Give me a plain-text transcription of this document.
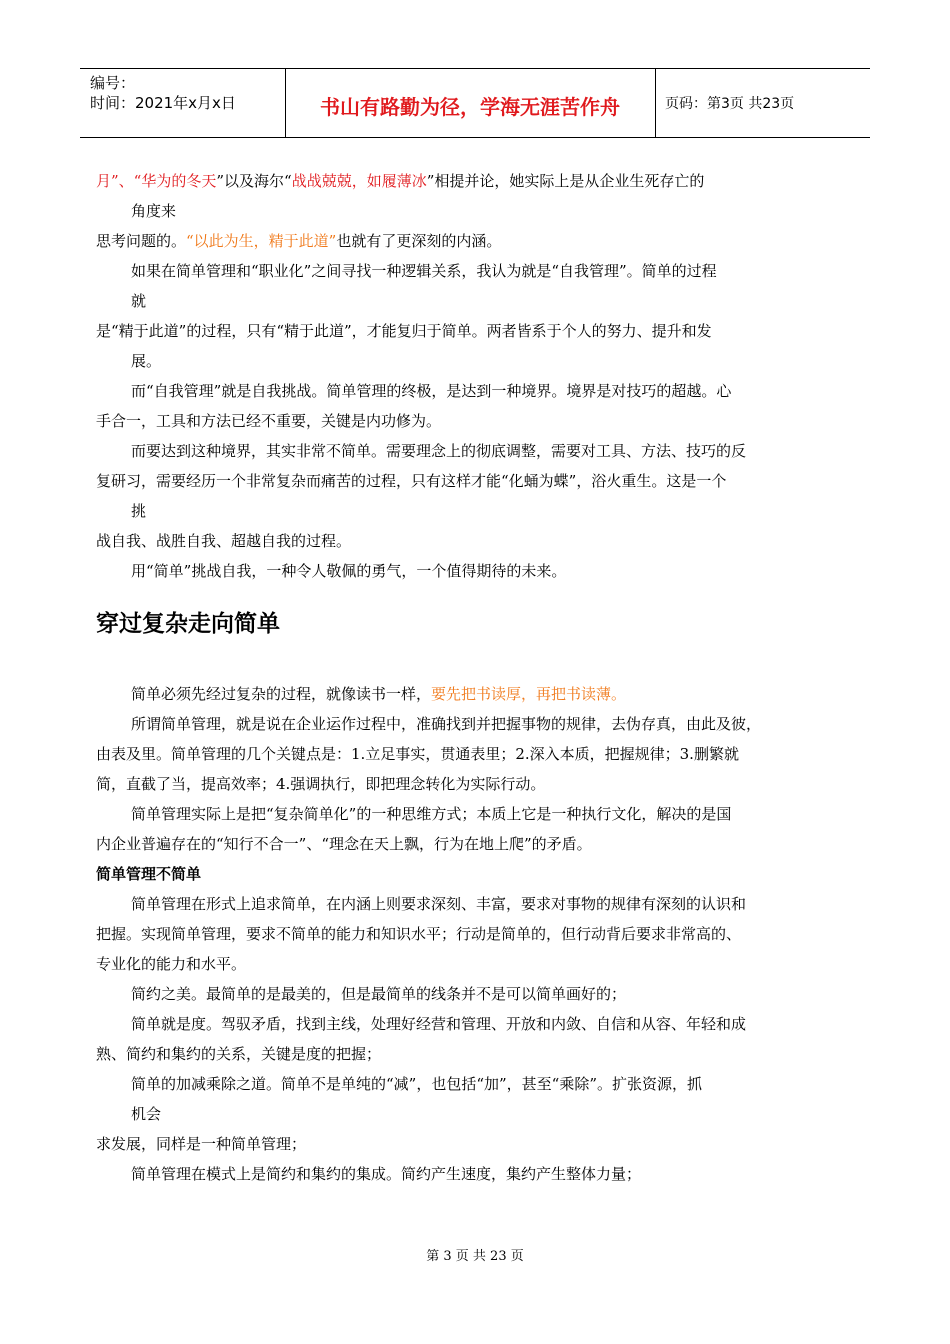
编号：
时间：2021年x月x日	书山有路勤为径，学海无涯苦作舟	页码：第3页 共23页
月”、“华为的冬天”以及海尔“战战兢兢，如履薄冰”相提并论，她实际上是从企业生死存亡的
角度来
思考问题的。“以此为生，精于此道”也就有了更深刻的内涵。
如果在简单管理和“职业化”之间寻找一种逻辑关系，我认为就是“自我管理”。简单的过程
就
是“精于此道”的过程，只有“精于此道”，才能复归于简单。两者皆系于个人的努力、提升和发
展。
而“自我管理”就是自我挑战。简单管理的终极，是达到一种境界。境界是对技巧的超越。心
手合一，工具和方法已经不重要，关键是内功修为。
而要达到这种境界，其实非常不简单。需要理念上的彻底调整，需要对工具、方法、技巧的反
复研习，需要经历一个非常复杂而痛苦的过程，只有这样才能“化蛹为蝶”，浴火重生。这是一个
挑
战自我、战胜自我、超越自我的过程。
用“简单”挑战自我，一种令人敬佩的勇气，一个值得期待的未来。
穿过复杂走向简单
简单必须先经过复杂的过程，就像读书一样，要先把书读厚，再把书读薄。
所谓简单管理，就是说在企业运作过程中，准确找到并把握事物的规律，去伪存真，由此及彼，
由表及里。简单管理的几个关键点是：1.立足事实，贯通表里；2.深入本质，把握规律；3.删繁就
简，直截了当，提高效率；4.强调执行，即把理念转化为实际行动。
简单管理实际上是把“复杂简单化”的一种思维方式；本质上它是一种执行文化，解决的是国
内企业普遍存在的“知行不合一”、“理念在天上飘，行为在地上爬”的矛盾。
简单管理不简单
简单管理在形式上追求简单，在内涵上则要求深刻、丰富，要求对事物的规律有深刻的认识和
把握。实现简单管理，要求不简单的能力和知识水平；行动是简单的，但行动背后要求非常高的、
专业化的能力和水平。
简约之美。最简单的是最美的，但是最简单的线条并不是可以简单画好的；
简单就是度。驾驭矛盾，找到主线，处理好经营和管理、开放和内敛、自信和从容、年轻和成
熟、简约和集约的关系，关键是度的把握；
简单的加减乘除之道。简单不是单纯的“减”，也包括“加”，甚至“乘除”。扩张资源，抓
机会
求发展，同样是一种简单管理；
简单管理在模式上是简约和集约的集成。简约产生速度，集约产生整体力量；
第 3 页 共 23 页
